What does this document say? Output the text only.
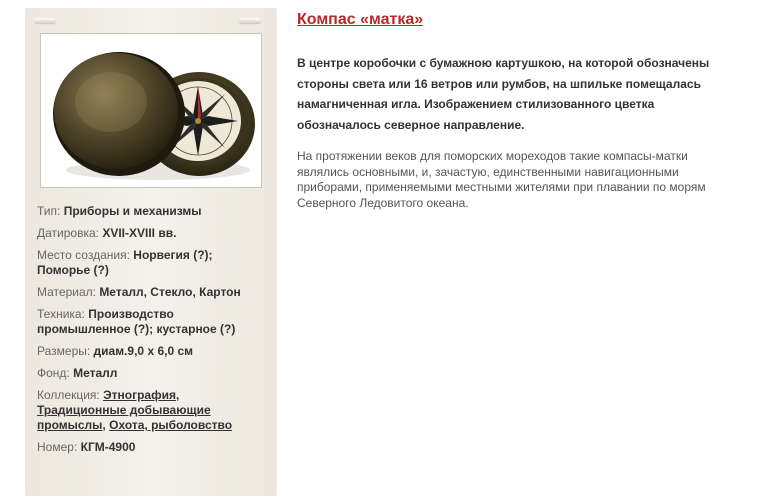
Тип: Приборы и механизмы
Датировка: XVII-XVIII вв.
Место создания: Норвегия (?); Поморье (?)
Материал: Металл, Стекло, Картон
Техника: Производство промышленное (?); кустарное (?)
Размеры: диам.9,0 х 6,0 см
Фонд: Металл
Коллекция: Этнография, Традиционные добывающие промыслы, Охота, рыболовство
Номер: КГМ-4900
Компас «матка»

В центре коробочки с бумажною картушкою, на которой обозначены стороны света или 16 ветров или румбов, на шпильке помещалась намагниченная игла. Изображением стилизованного цветка обозначалось северное направление.

На протяжении веков для поморских мореходов такие компасы-матки являлись основными, и, зачастую, единственными навигационными приборами, применяемыми местными жителями при плавании по морям Северного Ледовитого океана.
